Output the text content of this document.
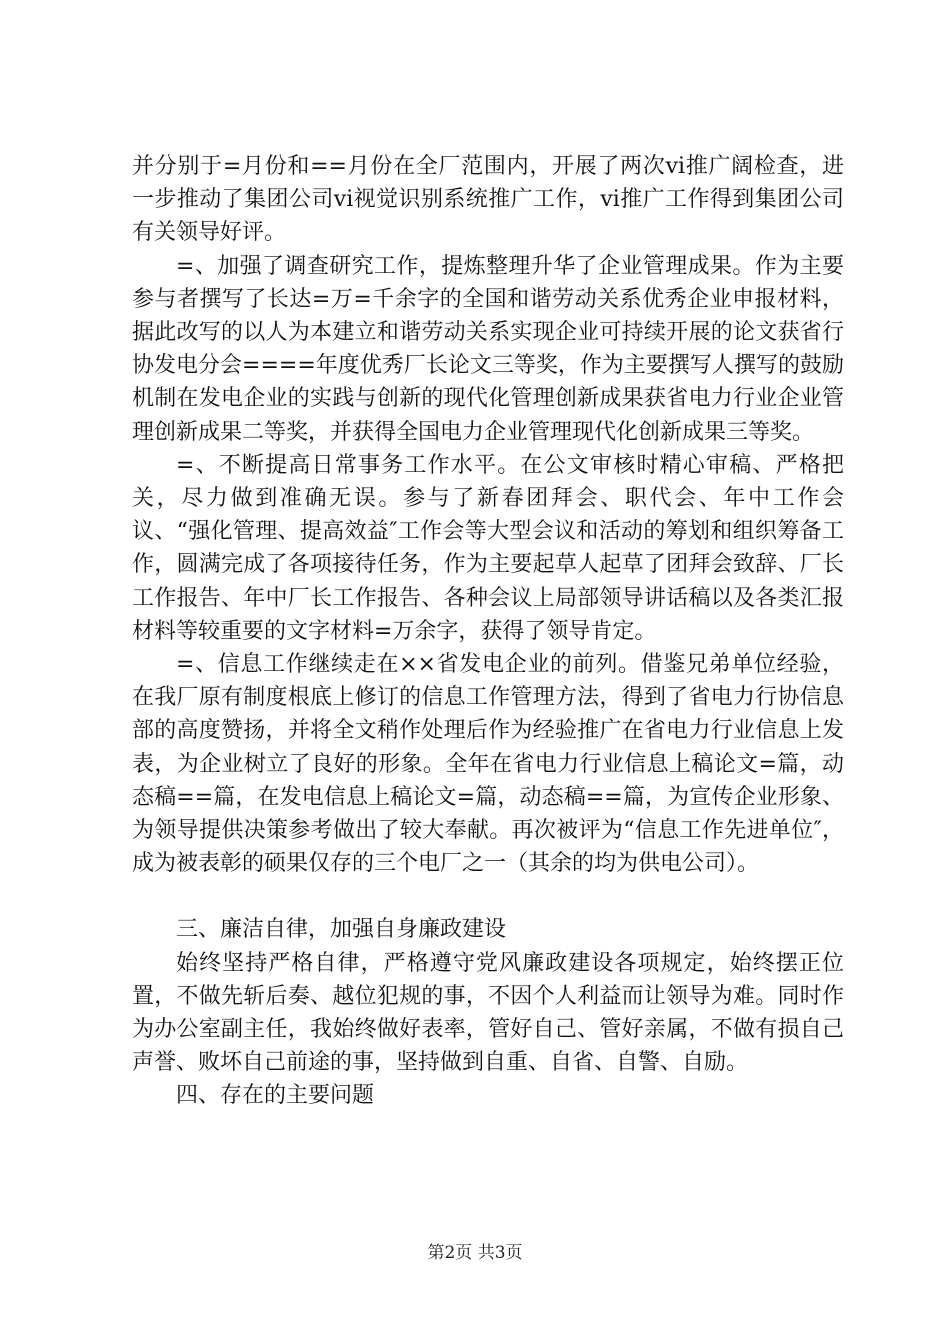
并分别于=月份和==月份在全厂范围内，开展了两次vi推广阔检查，进一步推动了集团公司vi视觉识别系统推广工作，vi推广工作得到集团公司有关领导好评。

=、加强了调查研究工作，提炼整理升华了企业管理成果。作为主要参与者撰写了长达=万=千余字的全国和谐劳动关系优秀企业申报材料，据此改写的以人为本建立和谐劳动关系实现企业可持续开展的论文获省行协发电分会====年度优秀厂长论文三等奖，作为主要撰写人撰写的鼓励机制在发电企业的实践与创新的现代化管理创新成果获省电力行业企业管理创新成果二等奖，并获得全国电力企业管理现代化创新成果三等奖。

=、不断提高日常事务工作水平。在公文审核时精心审稿、严格把关，尽力做到准确无误。参与了新春团拜会、职代会、年中工作会议、“强化管理、提高效益″工作会等大型会议和活动的筹划和组织筹备工作，圆满完成了各项接待任务，作为主要起草人起草了团拜会致辞、厂长工作报告、年中厂长工作报告、各种会议上局部领导讲话稿以及各类汇报材料等较重要的文字材料=万余字，获得了领导肯定。

=、信息工作继续走在××省发电企业的前列。借鉴兄弟单位经验，在我厂原有制度根底上修订的信息工作管理方法，得到了省电力行协信息部的高度赞扬，并将全文稍作处理后作为经验推广在省电力行业信息上发表，为企业树立了良好的形象。全年在省电力行业信息上稿论文=篇，动态稿==篇，在发电信息上稿论文=篇，动态稿==篇，为宣传企业形象、为领导提供决策参考做出了较大奉献。再次被评为“信息工作先进单位″，成为被表彰的硕果仅存的三个电厂之一（其余的均为供电公司）。

三、廉洁自律，加强自身廉政建设

始终坚持严格自律，严格遵守党风廉政建设各项规定，始终摆正位置，不做先斩后奏、越位犯规的事，不因个人利益而让领导为难。同时作为办公室副主任，我始终做好表率，管好自己、管好亲属，不做有损自己声誉、败坏自己前途的事，坚持做到自重、自省、自警、自励。

四、存在的主要问题

第2页 共3页
